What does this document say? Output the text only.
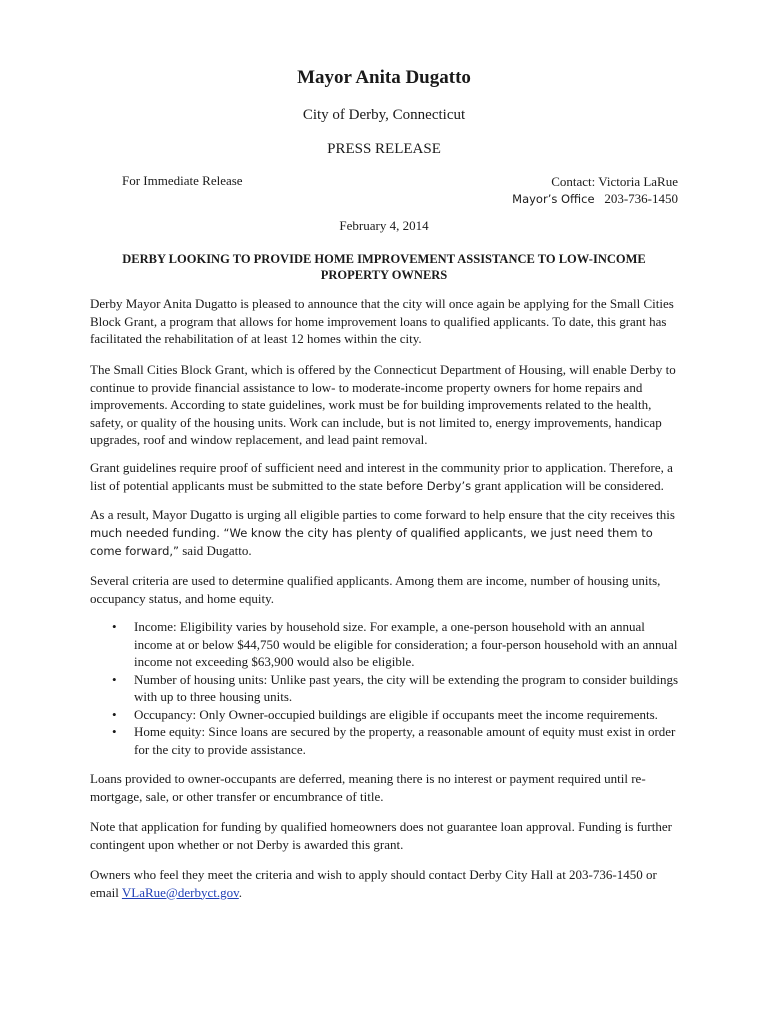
Mayor Anita Dugatto
City of Derby, Connecticut
PRESS RELEASE
For Immediate Release	Contact: Victoria LaRue
Mayor’s Office 203-736-1450
February 4, 2014
DERBY LOOKING TO PROVIDE HOME IMPROVEMENT ASSISTANCE TO LOW-INCOME PROPERTY OWNERS

Derby Mayor Anita Dugatto is pleased to announce that the city will once again be applying for the Small Cities Block Grant, a program that allows for home improvement loans to qualified applicants. To date, this grant has facilitated the rehabilitation of at least 12 homes within the city.

The Small Cities Block Grant, which is offered by the Connecticut Department of Housing, will enable Derby to continue to provide financial assistance to low- to moderate-income property owners for home repairs and improvements. According to state guidelines, work must be for building improvements related to the health, safety, or quality of the housing units. Work can include, but is not limited to, energy improvements, handicap upgrades, roof and window replacement, and lead paint removal.

Grant guidelines require proof of sufficient need and interest in the community prior to application. Therefore, a list of potential applicants must be submitted to the state before Derby’s grant application will be considered.

As a result, Mayor Dugatto is urging all eligible parties to come forward to help ensure that the city receives this much needed funding. “We know the city has plenty of qualified applicants, we just need them to come forward,” said Dugatto.

Several criteria are used to determine qualified applicants. Among them are income, number of housing units, occupancy status, and home equity.

• Income: Eligibility varies by household size. For example, a one-person household with an annual income at or below $44,750 would be eligible for consideration; a four-person household with an annual income not exceeding $63,900 would also be eligible.
• Number of housing units: Unlike past years, the city will be extending the program to consider buildings with up to three housing units.
• Occupancy: Only Owner-occupied buildings are eligible if occupants meet the income requirements.
• Home equity: Since loans are secured by the property, a reasonable amount of equity must exist in order for the city to provide assistance.

Loans provided to owner-occupants are deferred, meaning there is no interest or payment required until re-mortgage, sale, or other transfer or encumbrance of title.

Note that application for funding by qualified homeowners does not guarantee loan approval. Funding is further contingent upon whether or not Derby is awarded this grant.

Owners who feel they meet the criteria and wish to apply should contact Derby City Hall at 203-736-1450 or email VLaRue@derbyct.gov.
